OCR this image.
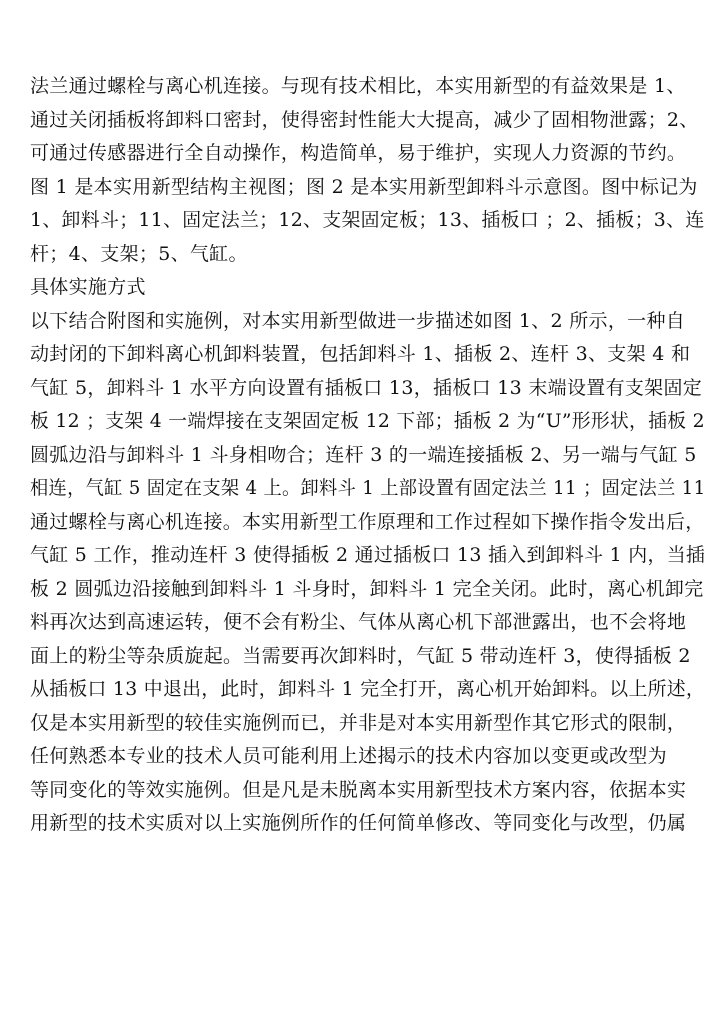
法兰通过螺栓与离心机连接。与现有技术相比，本实用新型的有益效果是 1、
通过关闭插板将卸料口密封，使得密封性能大大提高，减少了固相物泄露；2、
可通过传感器进行全自动操作，构造简单，易于维护，实现人力资源的节约。
图 1 是本实用新型结构主视图；图 2 是本实用新型卸料斗示意图。图中标记为
1、卸料斗；11、固定法兰；12、支架固定板；13、插板口 ；2、插板；3、连
杆；4、支架；5、气缸。
具体实施方式
以下结合附图和实施例，对本实用新型做进一步描述如图 1、2 所示，一种自
动封闭的下卸料离心机卸料装置，包括卸料斗 1、插板 2、连杆 3、支架 4 和
气缸 5，卸料斗 1 水平方向设置有插板口 13，插板口 13 末端设置有支架固定
板 12 ；支架 4 一端焊接在支架固定板 12 下部；插板 2 为“U”形形状，插板 2
圆弧边沿与卸料斗 1 斗身相吻合；连杆 3 的一端连接插板 2、另一端与气缸 5
相连，气缸 5 固定在支架 4 上。卸料斗 1 上部设置有固定法兰 11 ；固定法兰 11
通过螺栓与离心机连接。本实用新型工作原理和工作过程如下操作指令发出后，
气缸 5 工作，推动连杆 3 使得插板 2 通过插板口 13 插入到卸料斗 1 内，当插
板 2 圆弧边沿接触到卸料斗 1 斗身时，卸料斗 1 完全关闭。此时，离心机卸完
料再次达到高速运转，便不会有粉尘、气体从离心机下部泄露出，也不会将地
面上的粉尘等杂质旋起。当需要再次卸料时，气缸 5 带动连杆 3，使得插板 2
从插板口 13 中退出，此时，卸料斗 1 完全打开，离心机开始卸料。以上所述，
仅是本实用新型的较佳实施例而已，并非是对本实用新型作其它形式的限制，
任何熟悉本专业的技术人员可能利用上述揭示的技术内容加以变更或改型为
等同变化的等效实施例。但是凡是未脱离本实用新型技术方案内容，依据本实
用新型的技术实质对以上实施例所作的任何简单修改、等同变化与改型，仍属
